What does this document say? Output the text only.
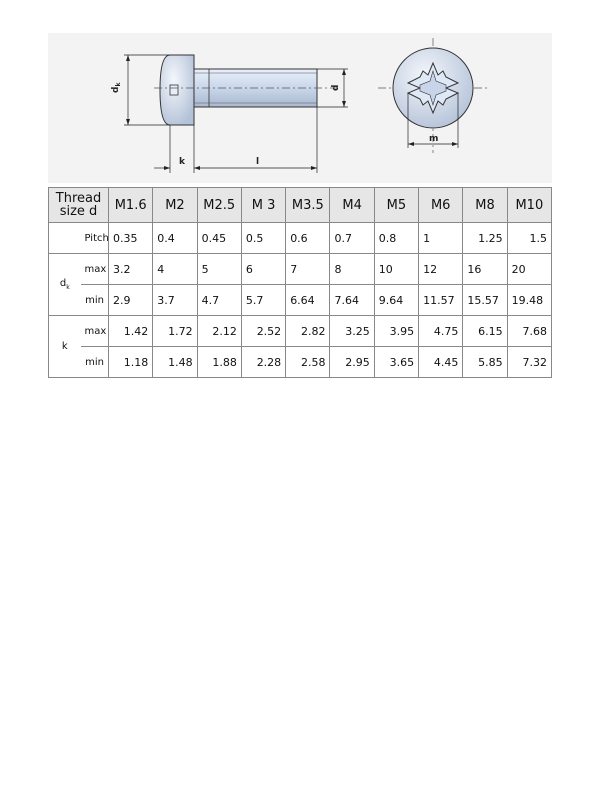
$d_k$	d
k	l
m
Thread
size d		M1.6	M2	M2.5	M 3	M3.5	M4	M5	M6	M8	M10
	Pitch	0.35	0.4	0.45	0.5	0.6	0.7	0.8	1	1.25	1.5
$d_k$	max	3.2	4	5	6	7	8	10	12	16	20
	min	2.9	3.7	4.7	5.7	6.64	7.64	9.64	11.57	15.57	19.48
k	max	1.42	1.72	2.12	2.52	2.82	3.25	3.95	4.75	6.15	7.68
	min	1.18	1.48	1.88	2.28	2.58	2.95	3.65	4.45	5.85	7.32
